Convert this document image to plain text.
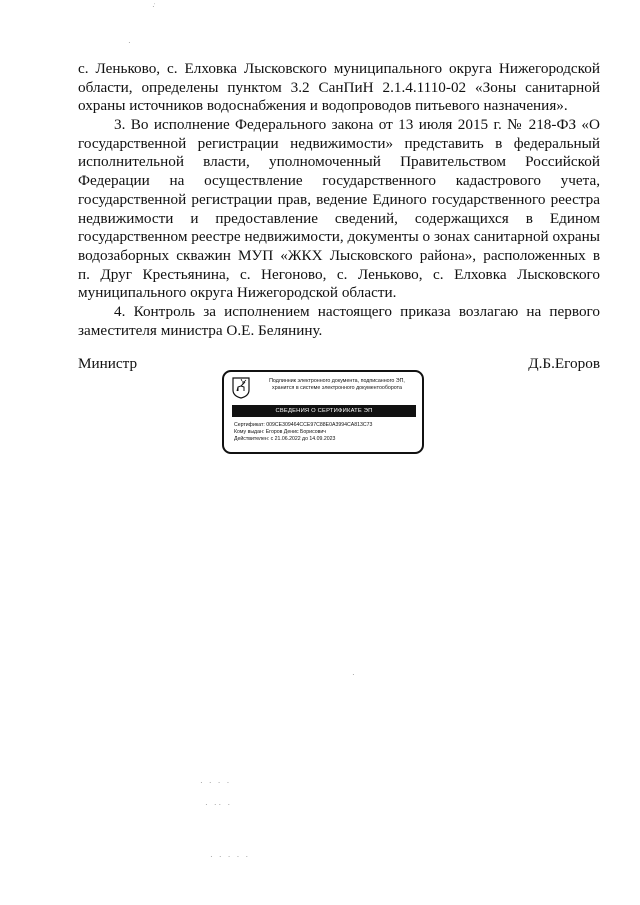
с. Леньково, с. Елховка Лысковского муниципального округа Нижегородской
области, определены пунктом 3.2 СанПиН 2.1.4.1110-02 «Зоны санитарной
охраны источников водоснабжения и водопроводов питьевого назначения».
3. Во исполнение Федерального закона от 13 июля 2015 г. № 218-ФЗ «О
государственной регистрации недвижимости» представить в федеральный
исполнительной власти, уполномоченный Правительством Российской
Федерации на осуществление государственного кадастрового учета,
государственной регистрации прав, ведение Единого государственного реестра
недвижимости и предоставление сведений, содержащихся в Едином
государственном реестре недвижимости, документы о зонах санитарной охраны
водозаборных скважин МУП «ЖКХ Лысковского района», расположенных в
п. Друг Крестьянина, с. Негоново, с. Леньково, с. Елховка Лысковского
муниципального округа Нижегородской области.
4. Контроль за исполнением настоящего приказа возлагаю на первого
заместителя министра О.Е. Белянину.
Министр	Д.Б.Егоров
Подлинник электронного документа, подписанного ЭП,
хранится в системе электронного документооборота
СВЕДЕНИЯ О СЕРТИФИКАТЕ ЭП
Сертификат: 009CE309464CCE97C88E0A3994CA813C73
Кому выдан: Егоров Денис Борисович
Действителен: с 21.06.2022 до 14.09.2023
·̇
·
· · · ·
· ·· ·
· · · · ·
·
